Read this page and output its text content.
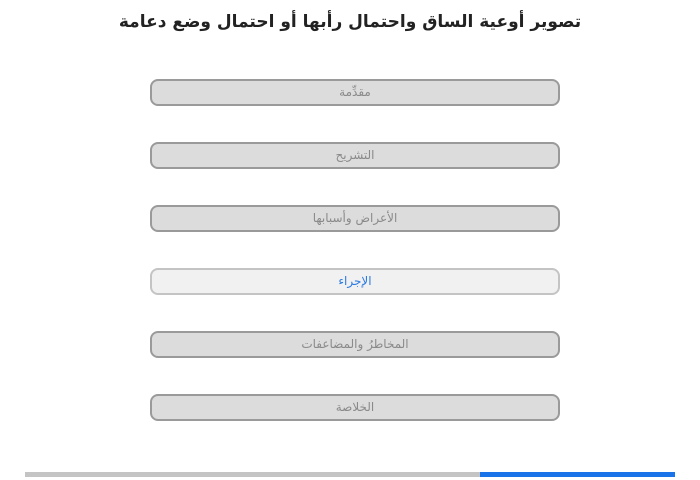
تصوير أوعية الساق واحتمال رأبها أو احتمال وضع دعامة
مقدِّمة
التشريح
الأعراض وأسبابها
الإجراء
المخاطرُ والمضاعفات
الخلاصة
